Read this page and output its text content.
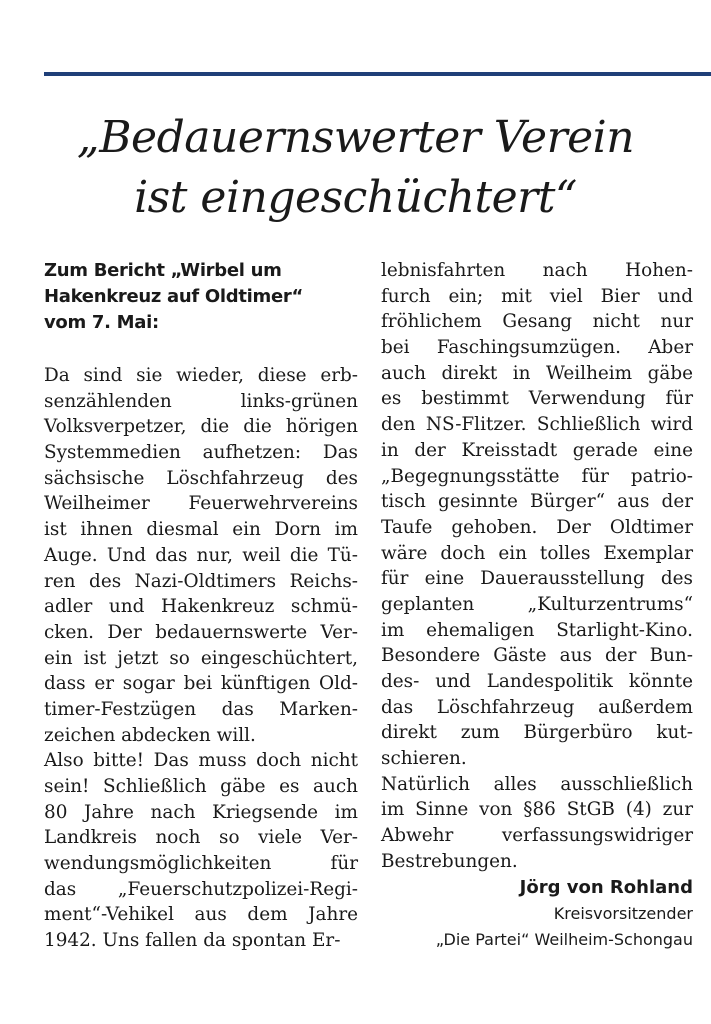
„Bedauernswerter Verein
ist eingeschüchtert“
Zum Bericht „Wirbel um
Hakenkreuz auf Oldtimer“
vom 7. Mai:
Da sind sie wieder, diese erb-
senzählenden links-grünen
Volksverpetzer, die die hörigen
Systemmedien aufhetzen: Das
sächsische Löschfahrzeug des
Weilheimer Feuerwehrvereins
ist ihnen diesmal ein Dorn im
Auge. Und das nur, weil die Tü-
ren des Nazi-Oldtimers Reichs-
adler und Hakenkreuz schmü-
cken. Der bedauernswerte Ver-
ein ist jetzt so eingeschüchtert,
dass er sogar bei künftigen Old-
timer-Festzügen das Marken-
zeichen abdecken will.
Also bitte! Das muss doch nicht
sein! Schließlich gäbe es auch
80 Jahre nach Kriegsende im
Landkreis noch so viele Ver-
wendungsmöglichkeiten für
das „Feuerschutzpolizei-Regi-
ment“-Vehikel aus dem Jahre
1942. Uns fallen da spontan Er-
lebnisfahrten nach Hohen-
furch ein; mit viel Bier und
fröhlichem Gesang nicht nur
bei Faschingsumzügen. Aber
auch direkt in Weilheim gäbe
es bestimmt Verwendung für
den NS-Flitzer. Schließlich wird
in der Kreisstadt gerade eine
„Begegnungsstätte für patrio-
tisch gesinnte Bürger“ aus der
Taufe gehoben. Der Oldtimer
wäre doch ein tolles Exemplar
für eine Dauerausstellung des
geplanten „Kulturzentrums“
im ehemaligen Starlight-Kino.
Besondere Gäste aus der Bun-
des- und Landespolitik könnte
das Löschfahrzeug außerdem
direkt zum Bürgerbüro kut-
schieren.
Natürlich alles ausschließlich
im Sinne von §86 StGB (4) zur
Abwehr verfassungswidriger
Bestrebungen.
Jörg von Rohland
Kreisvorsitzender
„Die Partei“ Weilheim-Schongau
